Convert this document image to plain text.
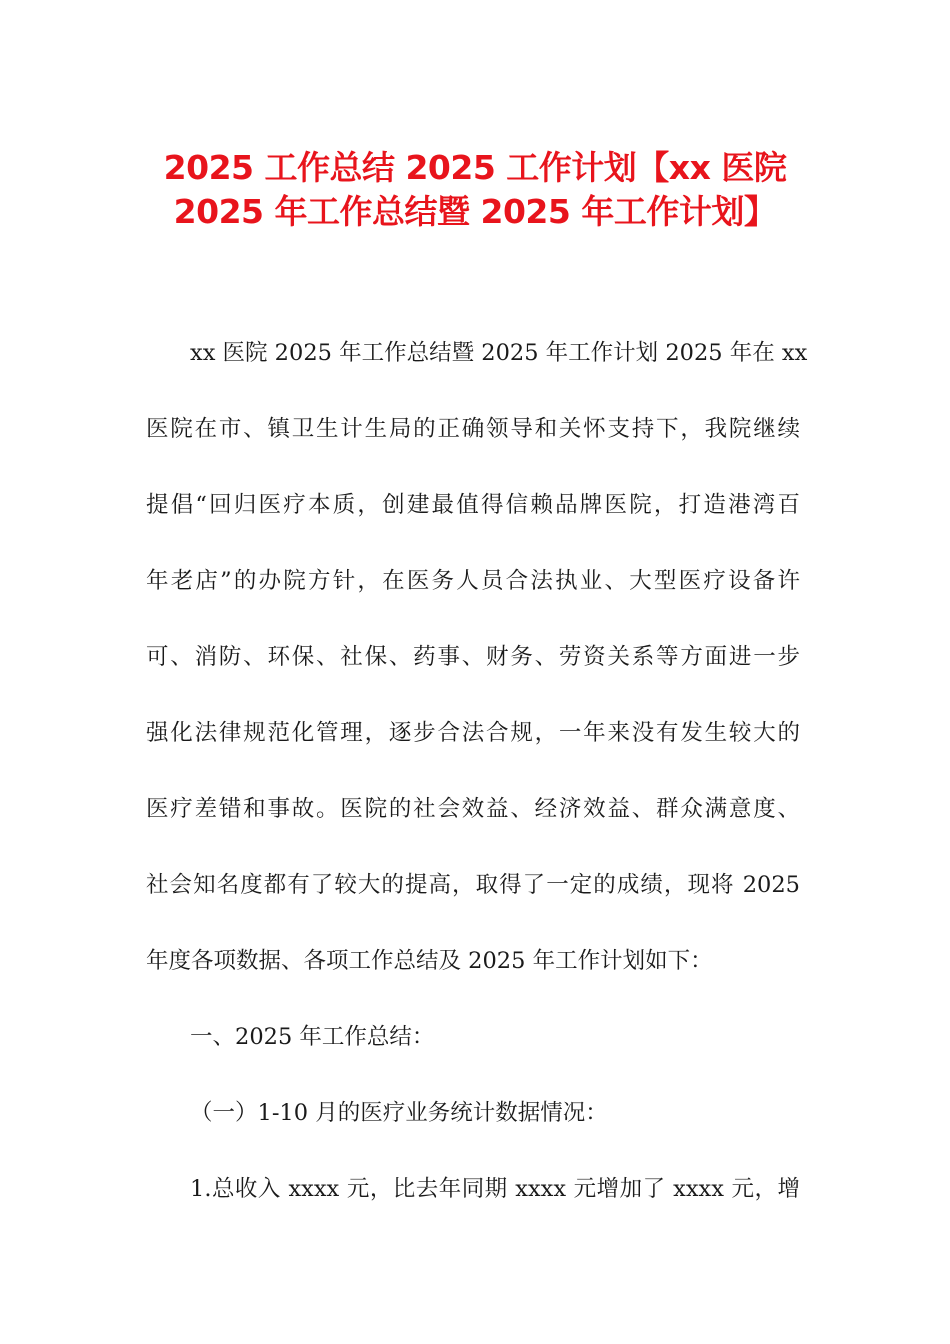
2025 工作总结 2025 工作计划【xx 医院
2025 年工作总结暨 2025 年工作计划】
xx 医院 2025 年工作总结暨 2025 年工作计划 2025 年在 xx
医院在市、镇卫生计生局的正确领导和关怀支持下，我院继续
提倡“回归医疗本质，创建最值得信赖品牌医院，打造港湾百
年老店”的办院方针，在医务人员合法执业、大型医疗设备许
可、消防、环保、社保、药事、财务、劳资关系等方面进一步
强化法律规范化管理，逐步合法合规，一年来没有发生较大的
医疗差错和事故。医院的社会效益、经济效益、群众满意度、
社会知名度都有了较大的提高，取得了一定的成绩，现将 2025
年度各项数据、各项工作总结及 2025 年工作计划如下：
一、2025 年工作总结：
（一）1-10 月的医疗业务统计数据情况：
1.总收入 xxxx 元，比去年同期 xxxx 元增加了 xxxx 元，增
